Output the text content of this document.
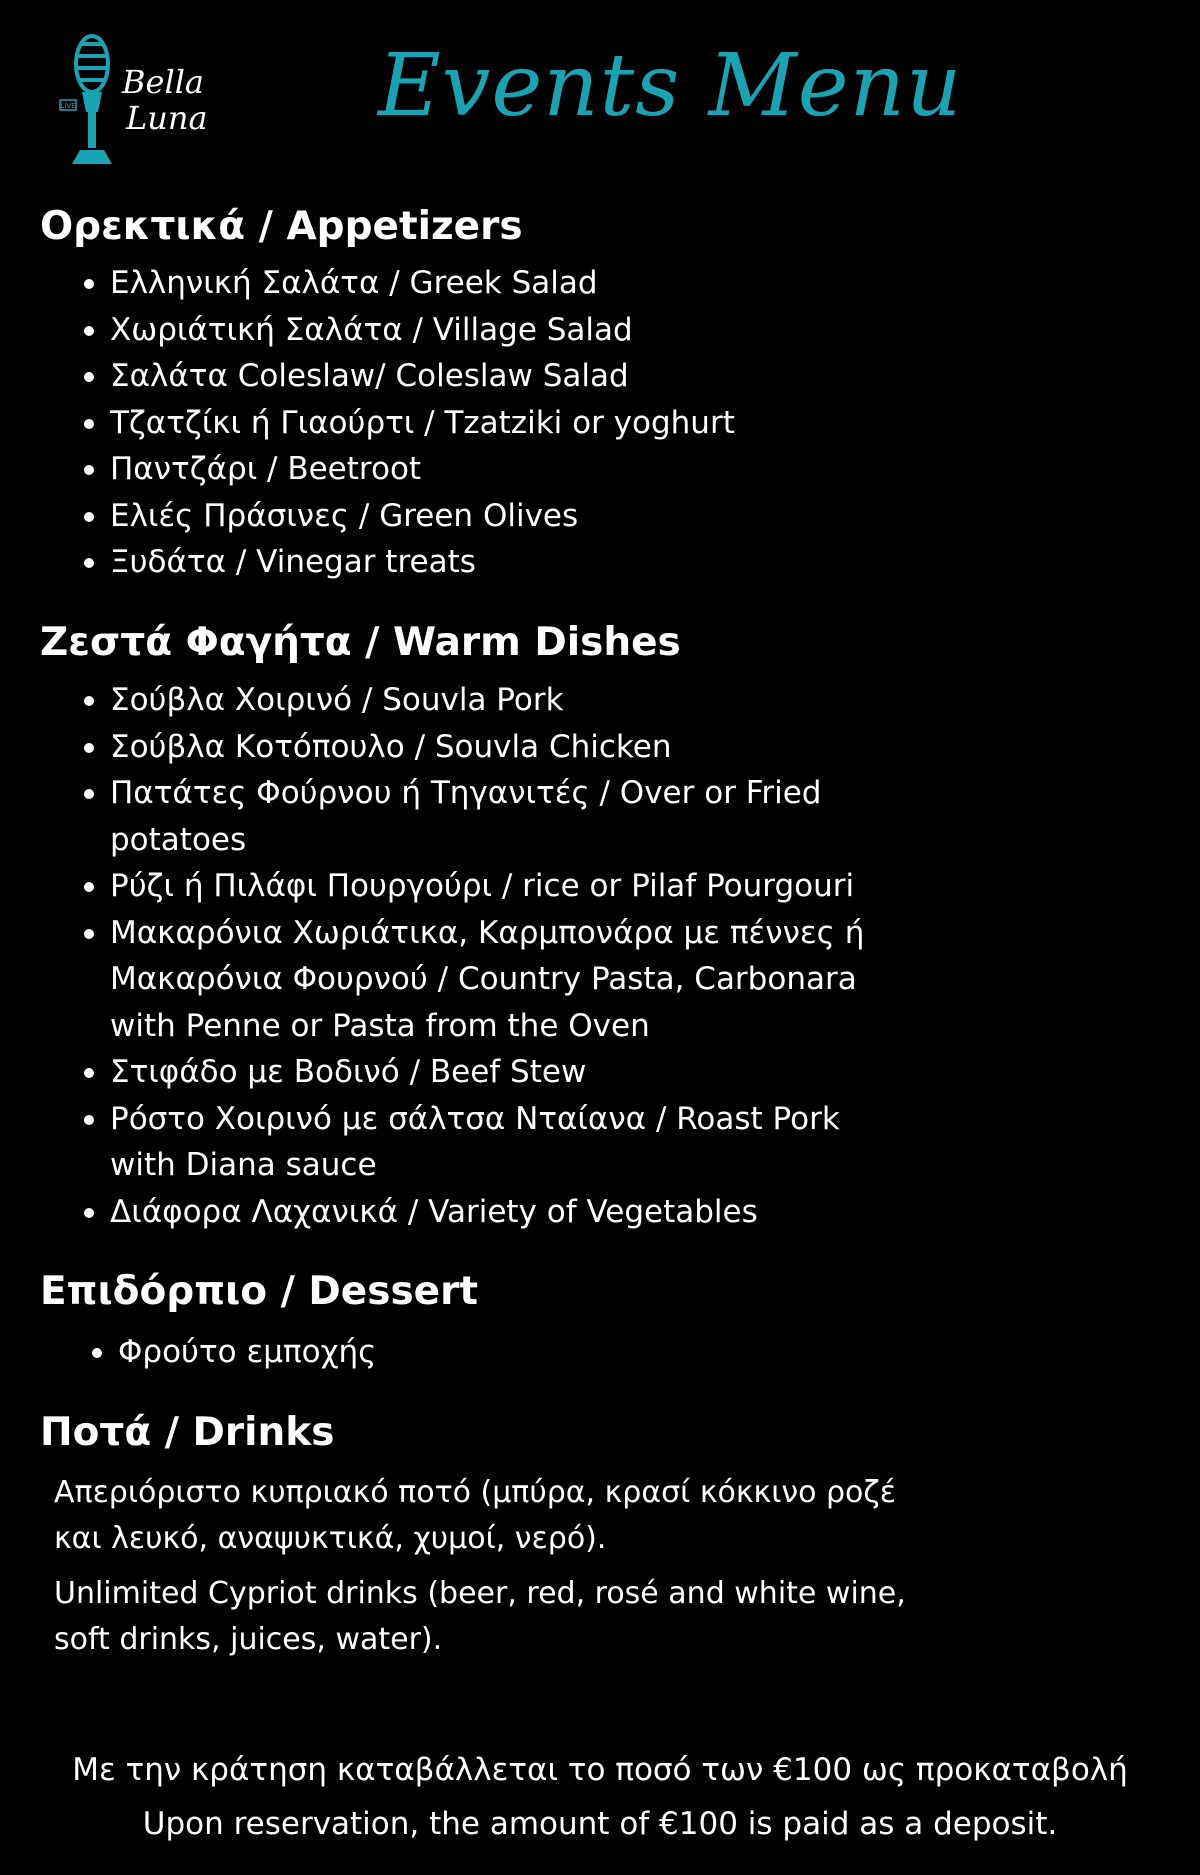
LIVE
Bella
Luna Events Menu
Ορεκτικά / Appetizers
Ελληνική Σαλάτα / Greek Salad
Χωριάτική Σαλάτα / Village Salad
Σαλάτα Coleslaw/ Coleslaw Salad
Τζατζίκι ή Γιαούρτι / Tzatziki or yoghurt
Παντζάρι / Beetroot
Ελιές Πράσινες / Green Olives
Ξυδάτα / Vinegar treats
Ζεστά Φαγήτα / Warm Dishes
Σούβλα Χοιρινό / Souvla Pork
Σούβλα Κοτόπουλο / Souvla Chicken
Πατάτες Φούρνου ή Τηγανιτές / Over or Fried potatoes
Ρύζι ή Πιλάφι Πουργούρι / rice or Pilaf Pourgouri
Μακαρόνια Χωριάτικα, Καρμπονάρα με πέννες ή Μακαρόνια Φουρνού / Country Pasta, Carbonara with Penne or Pasta from the Oven
Στιφάδο με Βοδινό / Beef Stew
Ρόστο Χοιρινό με σάλτσα Νταίανα / Roast Pork with Diana sauce
Διάφορα Λαχανικά / Variety of Vegetables
Επιδόρπιο / Dessert
Φρούτο εμποχής
Ποτά / Drinks

Απεριόριστο κυπριακό ποτό (μπύρα, κρασί κόκκινο ροζέ και λευκό, αναψυκτικά, χυμοί, νερό).

Unlimited Cypriot drinks (beer, red, rosé and white wine, soft drinks, juices, water).

Με την κράτηση καταβάλλεται το ποσό των €100 ως προκαταβολή
Upon reservation, the amount of €100 is paid as a deposit.
